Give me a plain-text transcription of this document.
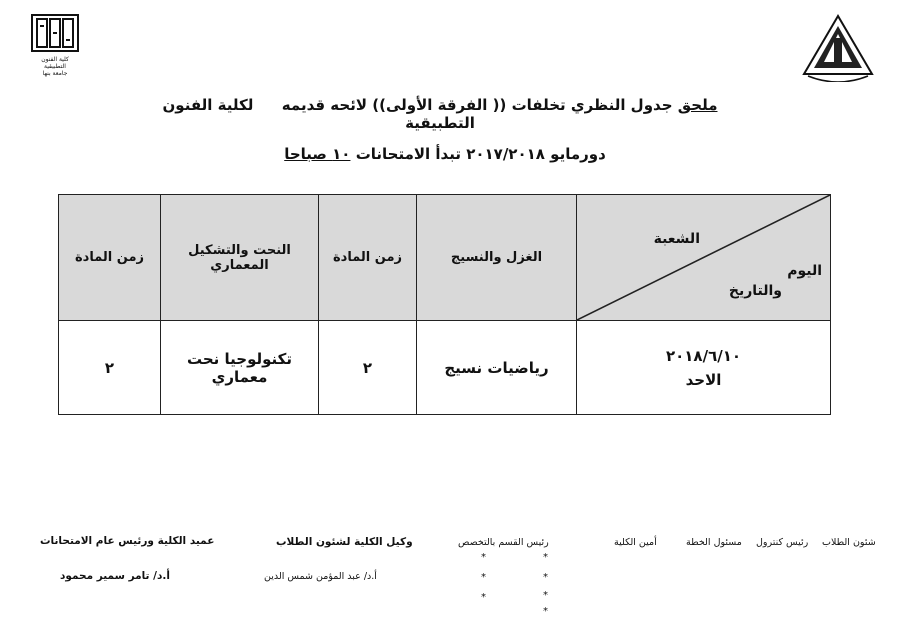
كلية الفنون التطبيقية
جامعة بنها
ملحق جدول النظري تخلفات (( الفرقة الأولى)) لائحه قديمه  لكلية الفنون التطبيقية
دورمايو ٢٠١٧/٢٠١٨ تبدأ الامتحانات ١٠ صباحا
الشعبة
اليوم
والتاريخ	الغزل والنسيج	زمن المادة	النحت والتشكيل المعماري	زمن المادة

٢٠١٨/٦/١٠
الاحد	رياضيات نسيج	٢	تكنولوجيا نحت معماري	٢
شئون الطلاب
رئيس كنترول
مسئول الخطة
أمين الكلية
رئيس القسم بالتخصص
وكيل الكلية لشئون الطلاب
عميد الكلية ورئيس عام الامتحانات
أ.د/ عبد المؤمن شمس الدين
أ.د/ تامر سمير محمود
*
*
*
*
*
*
*
